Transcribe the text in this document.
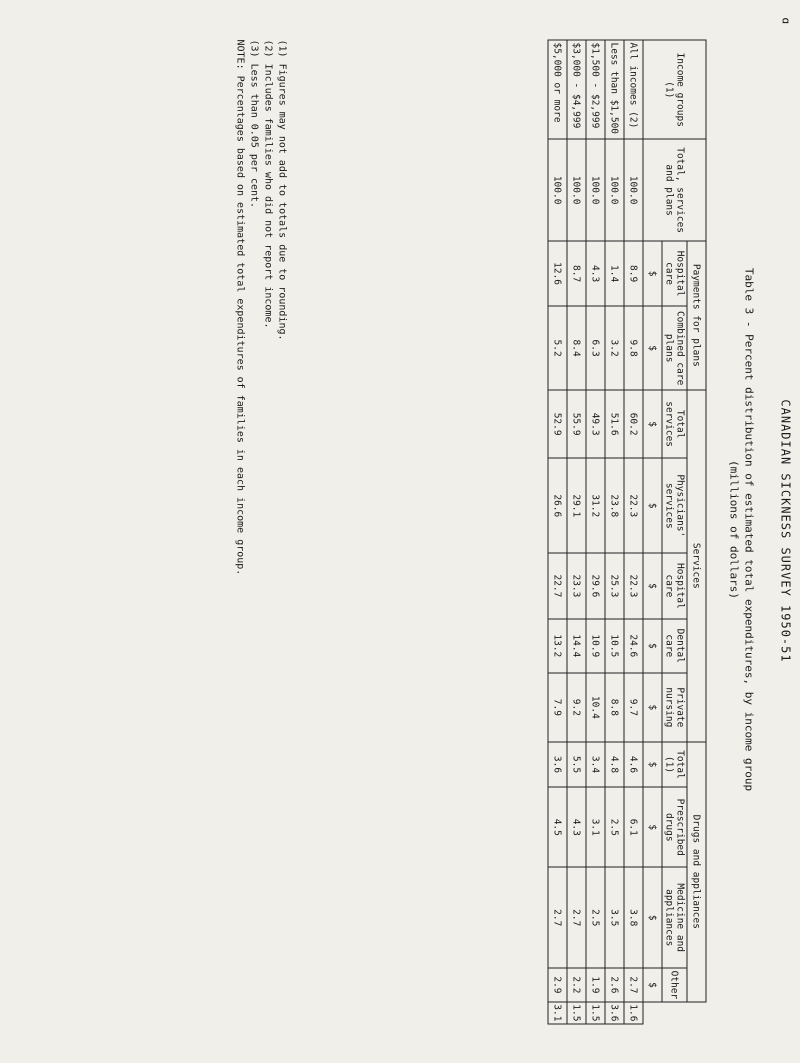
ɑ
CANADIAN SICKNESS SURVEY 1950-51
Table 3 - Percent distribution of estimated total expenditures, by income group
(millions of dollars)
Income groups (1)	Total, services and plans	Payments for plans		Services					Drugs and appliances				
		Hospital care	Combined care plans	Total services	Physicians' services	Hospital care	Dental care	Private nursing	Total (1)	Prescribed drugs	Medicine and appliances	Other	
		$	$	$	$	$	$	$	$	$	$	$	
All incomes (2)	100.0	8.9	9.8	60.2	22.3	22.3	24.6	9.7	4.6	6.1	3.8	2.7	1.6
Less than $1,500	100.0	1.4	3.2	51.6	23.8	25.3	10.5	8.8	4.8	2.5	3.5	2.6	3.6
$1,500 - $2,999	100.0	4.3	6.3	49.3	31.2	29.6	10.9	10.4	3.4	3.1	2.5	1.9	1.5
$3,000 - $4,999	100.0	8.7	8.4	55.9	29.1	23.3	14.4	9.2	5.5	4.3	2.7	2.2	1.5
$5,000 or more	100.0	12.6	5.2	52.9	26.6	22.7	13.2	7.9	3.6	4.5	2.7	2.9	3.1
(1) Figures may not add to totals due to rounding.
(2) Includes families who did not report income.
(3) Less than 0.05 per cent.
NOTE: Percentages based on estimated total expenditures of families in each income group.
